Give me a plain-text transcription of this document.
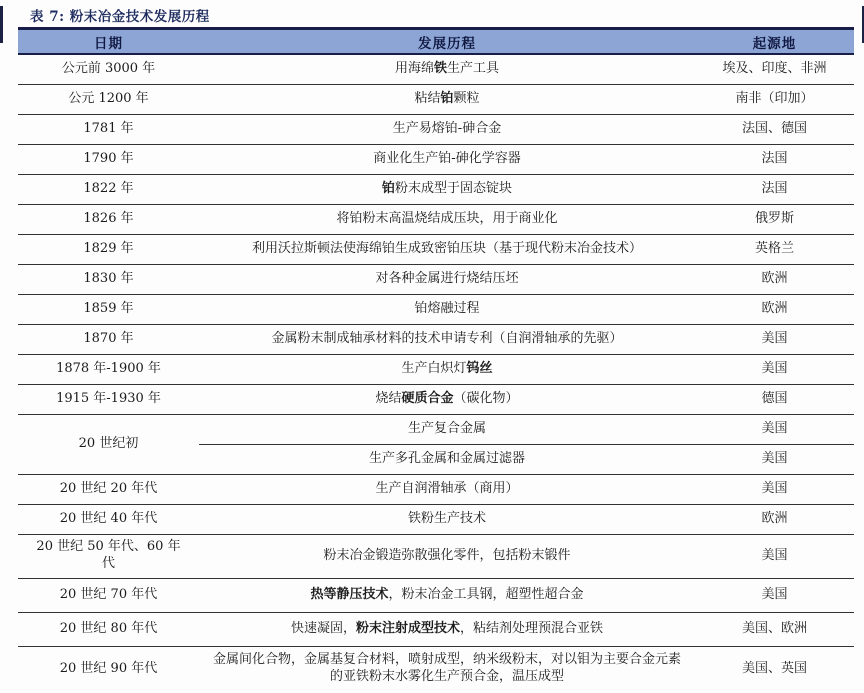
表 7: 粉末冶金技术发展历程
日期	发展历程	起源地
公元前 3000 年	用海绵铁生产工具	埃及、印度、非洲
公元 1200 年	粘结铂颗粒	南非（印加）
1781 年	生产易熔铂-砷合金	法国、德国
1790 年	商业化生产铂-砷化学容器	法国
1822 年	铂粉末成型于固态锭块	法国
1826 年	将铂粉末高温烧结成压块，用于商业化	俄罗斯
1829 年	利用沃拉斯顿法使海绵铂生成致密铂压块（基于现代粉末冶金技术）	英格兰
1830 年	对各种金属进行烧结压坯	欧洲
1859 年	铂熔融过程	欧洲
1870 年	金属粉末制成轴承材料的技术申请专利（自润滑轴承的先驱）	美国
1878 年-1900 年	生产白炽灯钨丝	美国
1915 年-1930 年	烧结硬质合金（碳化物）	德国
20 世纪初	生产复合金属	美国
	生产多孔金属和金属过滤器	美国
20 世纪 20 年代	生产自润滑轴承（商用）	美国
20 世纪 40 年代	铁粉生产技术	欧洲
20 世纪 50 年代、60 年代	粉末冶金锻造弥散强化零件，包括粉末锻件	美国
20 世纪 70 年代	热等静压技术，粉末冶金工具钢，超塑性超合金	美国
20 世纪 80 年代	快速凝固，粉末注射成型技术，粘结剂处理预混合亚铁	美国、欧洲
20 世纪 90 年代	金属间化合物，金属基复合材料，喷射成型，纳米级粉末，对以钼为主要合金元素的亚铁粉末水雾化生产预合金，温压成型	美国、英国
